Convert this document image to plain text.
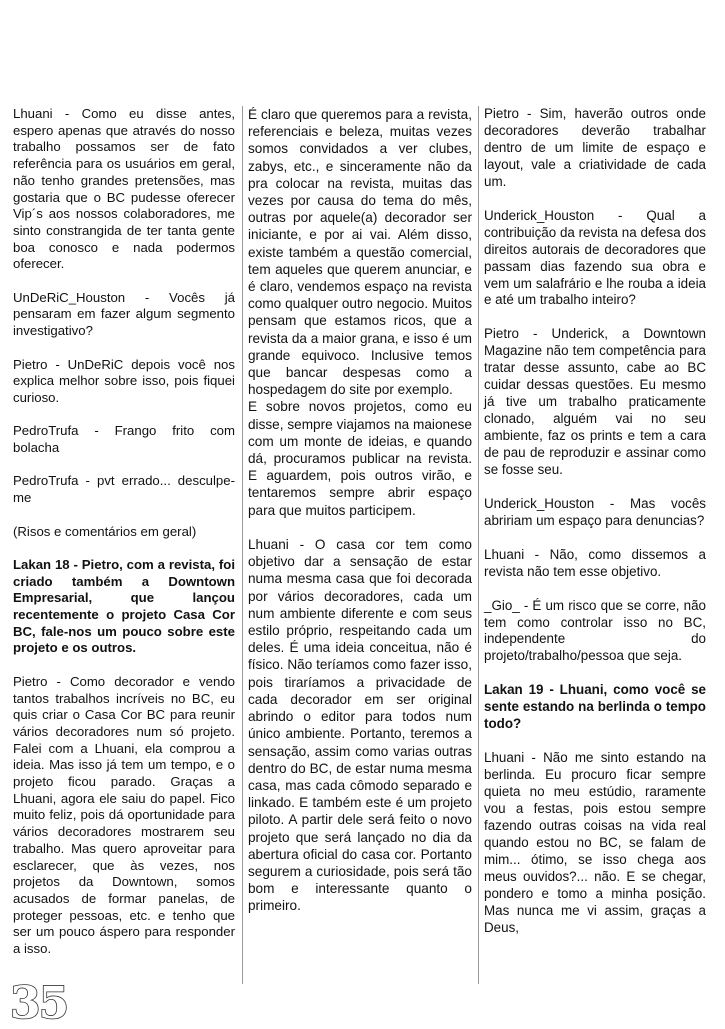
Lhuani - Como eu disse antes, espero apenas que através do nosso trabalho possamos ser de fato referência para os usuários em geral, não tenho grandes pretensões, mas gostaria que o BC pudesse oferecer Vip´s aos nossos colaboradores, me sinto constrangida de ter tanta gente boa conosco e nada podermos oferecer.

UnDeRiC_Houston - Vocês já pensaram em fazer algum segmento investigativo?

Pietro - UnDeRiC depois você nos explica melhor sobre isso, pois fiquei curioso.

PedroTrufa - Frango frito com bolacha

PedroTrufa - pvt errado... desculpe-me

(Risos e comentários em geral)

Lakan 18 - Pietro, com a revista, foi criado também a Downtown Empresarial, que lançou recentemente o projeto Casa Cor BC, fale-nos um pouco sobre este projeto e os outros.

Pietro - Como decorador e vendo tantos trabalhos incríveis no BC, eu quis criar o Casa Cor BC para reunir vários decoradores num só projeto. Falei com a Lhuani, ela comprou a ideia. Mas isso já tem um tempo, e o projeto ficou parado. Graças a Lhuani, agora ele saiu do papel. Fico muito feliz, pois dá oportunidade para vários decoradores mostrarem seu trabalho. Mas quero aproveitar para esclarecer, que às vezes, nos projetos da Downtown, somos acusados de formar panelas, de proteger pessoas, etc. e tenho que ser um pouco áspero para responder a isso.

É claro que queremos para a revista, referenciais e beleza, muitas vezes somos convidados a ver clubes, zabys, etc., e sinceramente não da pra colocar na revista, muitas das vezes por causa do tema do mês, outras por aquele(a) decorador ser iniciante, e por ai vai. Além disso, existe também a questão comercial, tem aqueles que querem anunciar, e é claro, vendemos espaço na revista como qualquer outro negocio. Muitos pensam que estamos ricos, que a revista da a maior grana, e isso é um grande equivoco. Inclusive temos que bancar despesas como a hospedagem do site por exemplo.

E sobre novos projetos, como eu disse, sempre viajamos na maionese com um monte de ideias, e quando dá, procuramos publicar na revista. E aguardem, pois outros virão, e tentaremos sempre abrir espaço para que muitos participem.

Lhuani - O casa cor tem como objetivo dar a sensação de estar numa mesma casa que foi decorada por vários decoradores, cada um num ambiente diferente e com seus estilo próprio, respeitando cada um deles. É uma ideia conceitua, não é físico. Não teríamos como fazer isso, pois tiraríamos a privacidade de cada decorador em ser original abrindo o editor para todos num único ambiente. Portanto, teremos a sensação, assim como varias outras dentro do BC, de estar numa mesma casa, mas cada cômodo separado e linkado. E também este é um projeto piloto. A partir dele será feito o novo projeto que será lançado no dia da abertura oficial do casa cor. Portanto segurem a curiosidade, pois será tão bom e interessante quanto o primeiro.

Pietro - Sim, haverão outros onde decoradores deverão trabalhar dentro de um limite de espaço e layout, vale a criatividade de cada um.

Underick_Houston - Qual a contribuição da revista na defesa dos direitos autorais de decoradores que passam dias fazendo sua obra e vem um salafrário e lhe rouba a ideia e até um trabalho inteiro?

Pietro - Underick, a Downtown Magazine não tem competência para tratar desse assunto, cabe ao BC cuidar dessas questões. Eu mesmo já tive um trabalho praticamente clonado, alguém vai no seu ambiente, faz os prints e tem a cara de pau de reproduzir e assinar como se fosse seu.

Underick_Houston - Mas vocês abririam um espaço para denuncias?

Lhuani - Não, como dissemos a revista não tem esse objetivo.

_Gio_ - É um risco que se corre, não tem como controlar isso no BC, independente do projeto/trabalho/pessoa que seja.

Lakan 19 - Lhuani, como você se sente estando na berlinda o tempo todo?

Lhuani - Não me sinto estando na berlinda. Eu procuro ficar sempre quieta no meu estúdio, raramente vou a festas, pois estou sempre fazendo outras coisas na vida real quando estou no BC, se falam de mim... ótimo, se isso chega aos meus ouvidos?... não. E se chegar, pondero e tomo a minha posição. Mas nunca me vi assim, graças a Deus,

35
